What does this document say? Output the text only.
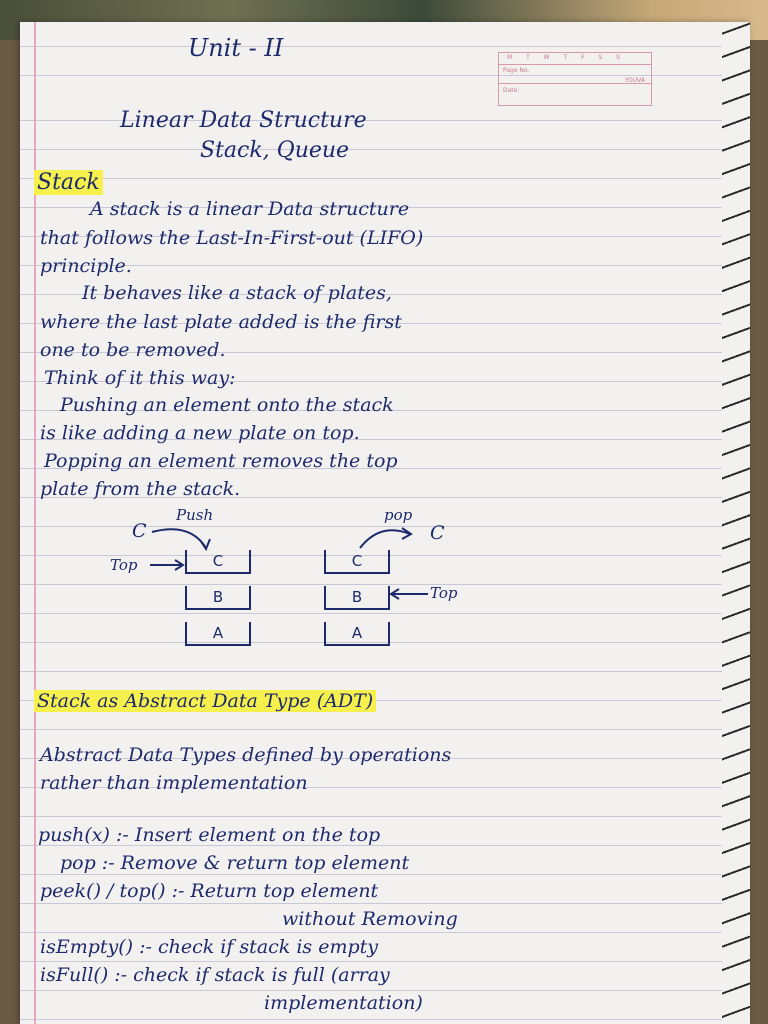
M T W T F S S
Page No.
Date:
YOUVA
Unit - II
Linear Data Structure
Stack, Queue
Stack
A stack is a linear Data structure
that follows the Last-In-First-out (LIFO)
principle.
It behaves like a stack of plates,
where the last plate added is the first
one to be removed.
Think of it this way:
Pushing an element onto the stack
is like adding a new plate on top.
Popping an element removes the top
plate from the stack.
Push	pop
C	C
Top
Top
C
B
A
C
B
A
Stack as Abstract Data Type (ADT)
Abstract Data Types defined by operations
rather than implementation
push(x) :- Insert element on the top
pop :- Remove & return top element
peek() / top() :- Return top element
without Removing
isEmpty() :- check if stack is empty
isFull() :- check if stack is full (array
implementation)
